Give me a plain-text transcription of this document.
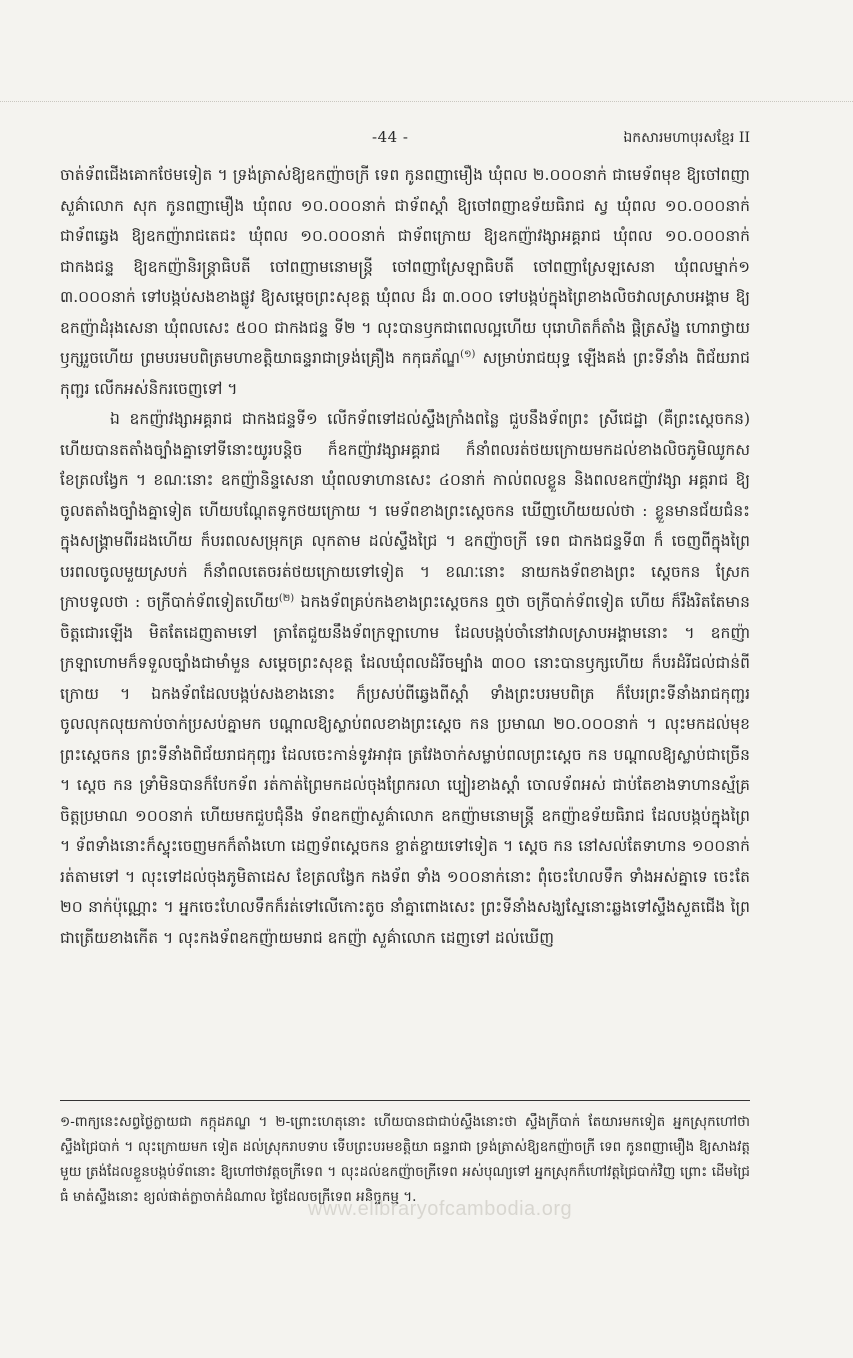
-44 -	ឯកសារមហាបុរសខ្មែរ II

ចាត់ទ័ពជើងគោកថែមទៀត ។ ទ្រង់ត្រាស់ឱ្យឧកញ៉ាចក្រី ទេព កូនពញាមឿង ឃុំពល ២.០០០នាក់ ជាមេទ័ពមុខ ឱ្យចៅពញាសួគ៌ាលោក សុក កូនពញាមឿង ឃុំពល ១០.០០០នាក់ ជាទ័ពស្តាំ ឱ្យចៅពញាឧទ័យធិរាជ ស្វ ឃុំពល ១០.០០០នាក់ជាទ័ពឆ្វេង ឱ្យឧកញ៉ារាជតេជះ ឃុំពល ១០.០០០នាក់ ជាទ័ពក្រោយ ឱ្យឧកញ៉ាវង្សាអគ្គរាជ ឃុំពល ១០.០០០នាក់ ជាកងជន្ទ ឱ្យឧកញ៉ានិរន្ត្រាធិបតី ចៅពញាមនោមន្ត្រី ចៅពញាស្រែឡាធិបតី ចៅពញាស្រែឡសេនា ឃុំពលម្នាក់១ ៣.០០០នាក់ ទៅបង្កប់សងខាងផ្លូវ ឱ្យសម្តេចព្រះសុខត្ត ឃុំពល ដ៏រ ៣.០០០ ទៅបង្កប់ក្នុងព្រៃខាងលិចវាលស្រាបអង្គាម ឱ្យឧកញ៉ាដំរុងសេនា ឃុំពលសេះ ៥០០ ជាកងជន្ទ ទី២ ។ លុះបានឫកជាពេលល្អហើយ បុរោហិតក៏តាំង ផ្តិត្រស័ង្ខ ហោរាថ្វាយឫក្សរួចហើយ ព្រមបរមបពិត្រមហាខត្តិយាធន្ទរាជាទ្រង់គ្រឿង កកុធភ័ណ្ឌ$^{(១)}$ សម្រាប់រាជយុទ្ធ ឡើងគង់ ព្រះទីនាំង ពិជ័យរាជកុញ្ជរ លើកអស់និករចេញទៅ ។

ឯ ឧកញ៉ាវង្សាអគ្គរាជ ជាកងជន្ទទី១ លើកទ័ពទៅដល់ស្ទឹងក្រាំងពន្លៃ ជួបនឹងទ័ពព្រះ ស្រីជេដ្ឋា (គឺព្រះស្តេចកន) ហើយបានតតាំងច្បាំងគ្នាទៅទីនោះយូរបន្តិច ក៏ឧកញ៉ាវង្សាអគ្គរាជ ក៏នាំពលរត់ថយក្រោយមកដល់ខាងលិចភូមិឈូកស ខែត្រលង្វែក ។ ខណៈនោះ ឧកញ៉ានិន្ទសេនា ឃុំពលទាហានសេះ ៤០នាក់ កាល់ពលខ្លួន និងពលឧកញ៉ាវង្សា អគ្គរាជ ឱ្យចូលតតាំងច្បាំងគ្នាទៀត ហើយបណ្តែតទូកថយក្រោយ ។ មេទ័ពខាងព្រះស្តេចកន ឃើញហើយយល់ថា : ខ្លួនមានជ័យជំនះក្នុងសង្គ្រាមពីរដងហើយ ក៏បរពលសម្រុកគ្រ លុកតាម ដល់ស្ទឹងជ្រៃ ។ ឧកញ៉ាចក្រី ទេព ជាកងជន្ទទី៣ ក៏ ចេញពីក្នុងព្រៃ បរពលចូលមួយស្របក់ ក៏នាំពលតេចរត់ថយក្រោយទៅទៀត ។ ខណៈនោះ នាយកងទ័ពខាងព្រះ ស្តេចកន ស្រែកក្រាបទូលថា : ចក្រីបាក់ទ័ពទៀតហើយ$^{(២)}$ ឯកងទ័ពគ្រប់កងខាងព្រះស្តេចកន ឮថា ចក្រីបាក់ទ័ពទៀត ហើយ ក៏រឹងរិតតែមានចិត្តជោរឡើង មិតតែដេញតាមទៅ ត្រាតែជួយនឹងទ័ពក្រឡាហោម ដែលបង្កប់ចាំនៅវាលស្រាបអង្គាមនោះ ។ ឧកញ៉ាក្រឡាហោមក៏ទទួលច្បាំងជាមាំមួន សម្តេចព្រះសុខត្ត ដែលឃុំពលដំរីចម្បាំង ៣០០ នោះបានឫក្សហើយ ក៏បរដំរីជល់ជាន់ពីក្រោយ ។ ឯកងទ័ពដែលបង្កប់សងខាងនោះ ក៏ប្រសប់ពីឆ្វេងពីស្តាំ ទាំងព្រះបរមបពិត្រ ក៏បែរព្រះទីនាំងរាជកុញ្ជរ ចូលលុកលុយកាប់ចាក់ប្រសប់គ្នាមក បណ្តាលឱ្យស្លាប់ពលខាងព្រះស្តេច កន ប្រមាណ ២០.០០០នាក់ ។ លុះមកដល់មុខព្រះស្តេចកន ព្រះទីនាំងពិជ័យរាជកុញ្ជរ ដែលចេះកាន់ទូវអាវុធ ត្រវែងចាក់សម្លាប់ពលព្រះស្តេច កន បណ្តាលឱ្យស្លាប់ជាច្រើន ។ ស្តេច កន ទ្រាំមិនបានក៏បែកទ័ព រត់កាត់ព្រៃមកដល់ចុងព្រែករលា ប្បៀរខាងស្តាំ ចោលទ័ពអស់ ជាប់តែខាងទាហានស្ម័គ្រចិត្តប្រមាណ ១០០នាក់ ហើយមកជួបជុំនឹង ទ័ពឧកញ៉ាសួគ៌ាលោក ឧកញ៉ាមនោមន្ត្រី ឧកញ៉ាឧទ័យធិរាជ ដែលបង្កប់ក្នុងព្រៃ ។ ទ័ពទាំងនោះក៏ស្ទុះចេញមកក៏តាំងហោ ដេញទ័ពស្តេចកន ខ្ចាត់ខ្ចាយទៅទៀត ។ ស្តេច កន នៅសល់តែទាហាន ១០០នាក់ រត់តាមទៅ ។ លុះទៅដល់ចុងភូមិតាដេស ខែត្រលង្វែក កងទ័ព ទាំង ១០០នាក់នោះ ពុំចេះហែលទឹក ទាំងអស់គ្នាទេ ចេះតែ ២០ នាក់ប៉ុណ្ណោះ ។ អ្នកចេះហែលទឹកក៏រត់ទៅលើកោះតូច នាំគ្នាពោងសេះ ព្រះទីនាំងសង្ឃស្នែនោះឆ្លងទៅស្ទឹងសួតជើង ព្រៃជាត្រើយខាងកើត ។ លុះកងទ័ពឧកញ៉ាយមរាជ ឧកញ៉ា សួគ៌ាលោក ដេញទៅ ដល់ឃើញ

១-ពាក្យនេះសព្វថ្ងៃក្លាយជា កក្កុដភណ្ឌ ។ ២-ព្រោះហេតុនោះ ហើយបានជាជាប់ស្ទឹងនោះថា ស្ទឹងក្រីបាក់ តែយារមកទៀត អ្នកស្រុកហៅថា ស្ទឹងជ្រៃបាក់ ។ លុះក្រោយមក ទៀត ដល់ស្រុករាបទាប ទើបព្រះបរមខត្តិយា ធន្ទរាជា ទ្រង់ត្រាស់ឱ្យឧកញ៉ាចក្រី ទេព កូនពញាមឿង ឱ្យសាងវត្តមួយ ត្រង់ដែលខ្លួនបង្កប់ទ័ពនោះ ឱ្យហៅថាវត្តចក្រីទេព ។ លុះដល់ឧកញ៉ាចក្រីទេព អស់បុណ្យទៅ អ្នកស្រុកក៏ហៅវត្តជ្រៃបាក់វិញ ព្រោះ ដើមជ្រៃធំ មាត់ស្ទឹងនោះ ខ្យល់ផាត់ក្លាចាក់ដំណាល ថ្ងៃដែលចក្រីទេព អនិច្ចកម្ម ។.

www.elibraryofcambodia.org
